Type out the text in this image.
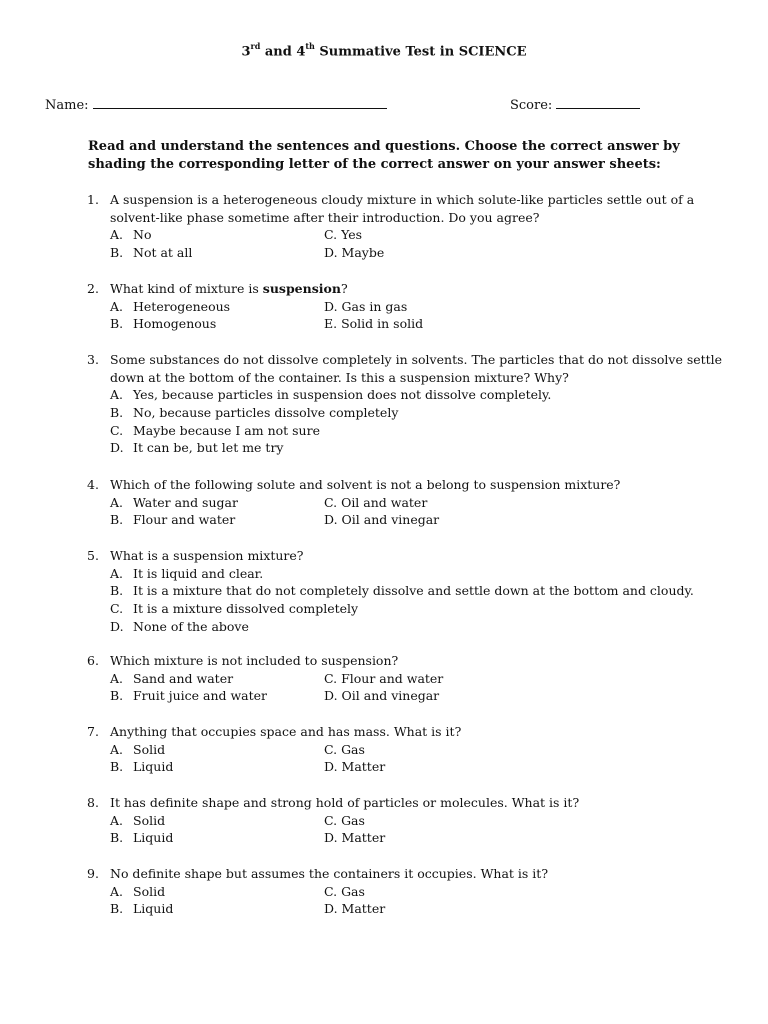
3rd and 4th Summative Test in SCIENCE
Name:	Score:
Read and understand the sentences and questions. Choose the correct answer by shading the corresponding letter of the correct answer on your answer sheets:
1. A suspension is a heterogeneous cloudy mixture in which solute-like particles settle out of a solvent-like phase sometime after their introduction. Do you agree?
A. No
B. Not at all
C. Yes
D. Maybe
2. What kind of mixture is suspension?
A. Heterogeneous
B. Homogenous
D. Gas in gas
E. Solid in solid
3. Some substances do not dissolve completely in solvents. The particles that do not dissolve settle down at the bottom of the container. Is this a suspension mixture? Why?
A. Yes, because particles in suspension does not dissolve completely.
B. No, because particles dissolve completely
C. Maybe because I am not sure
D. It can be, but let me try
4. Which of the following solute and solvent is not a belong to suspension mixture?
A. Water and sugar
B. Flour and water
C. Oil and water
D. Oil and vinegar
5. What is a suspension mixture?
A. It is liquid and clear.
B. It is a mixture that do not completely dissolve and settle down at the bottom and cloudy.
C. It is a mixture dissolved completely
D. None of the above
6. Which mixture is not included to suspension?
A. Sand and water
B. Fruit juice and water
C. Flour and water
D. Oil and vinegar
7. Anything that occupies space and has mass. What is it?
A. Solid
B. Liquid
C. Gas
D. Matter
8. It has definite shape and strong hold of particles or molecules. What is it?
A. Solid
B. Liquid
C. Gas
D. Matter
9. No definite shape but assumes the containers it occupies. What is it?
A. Solid
B. Liquid
C. Gas
D. Matter
